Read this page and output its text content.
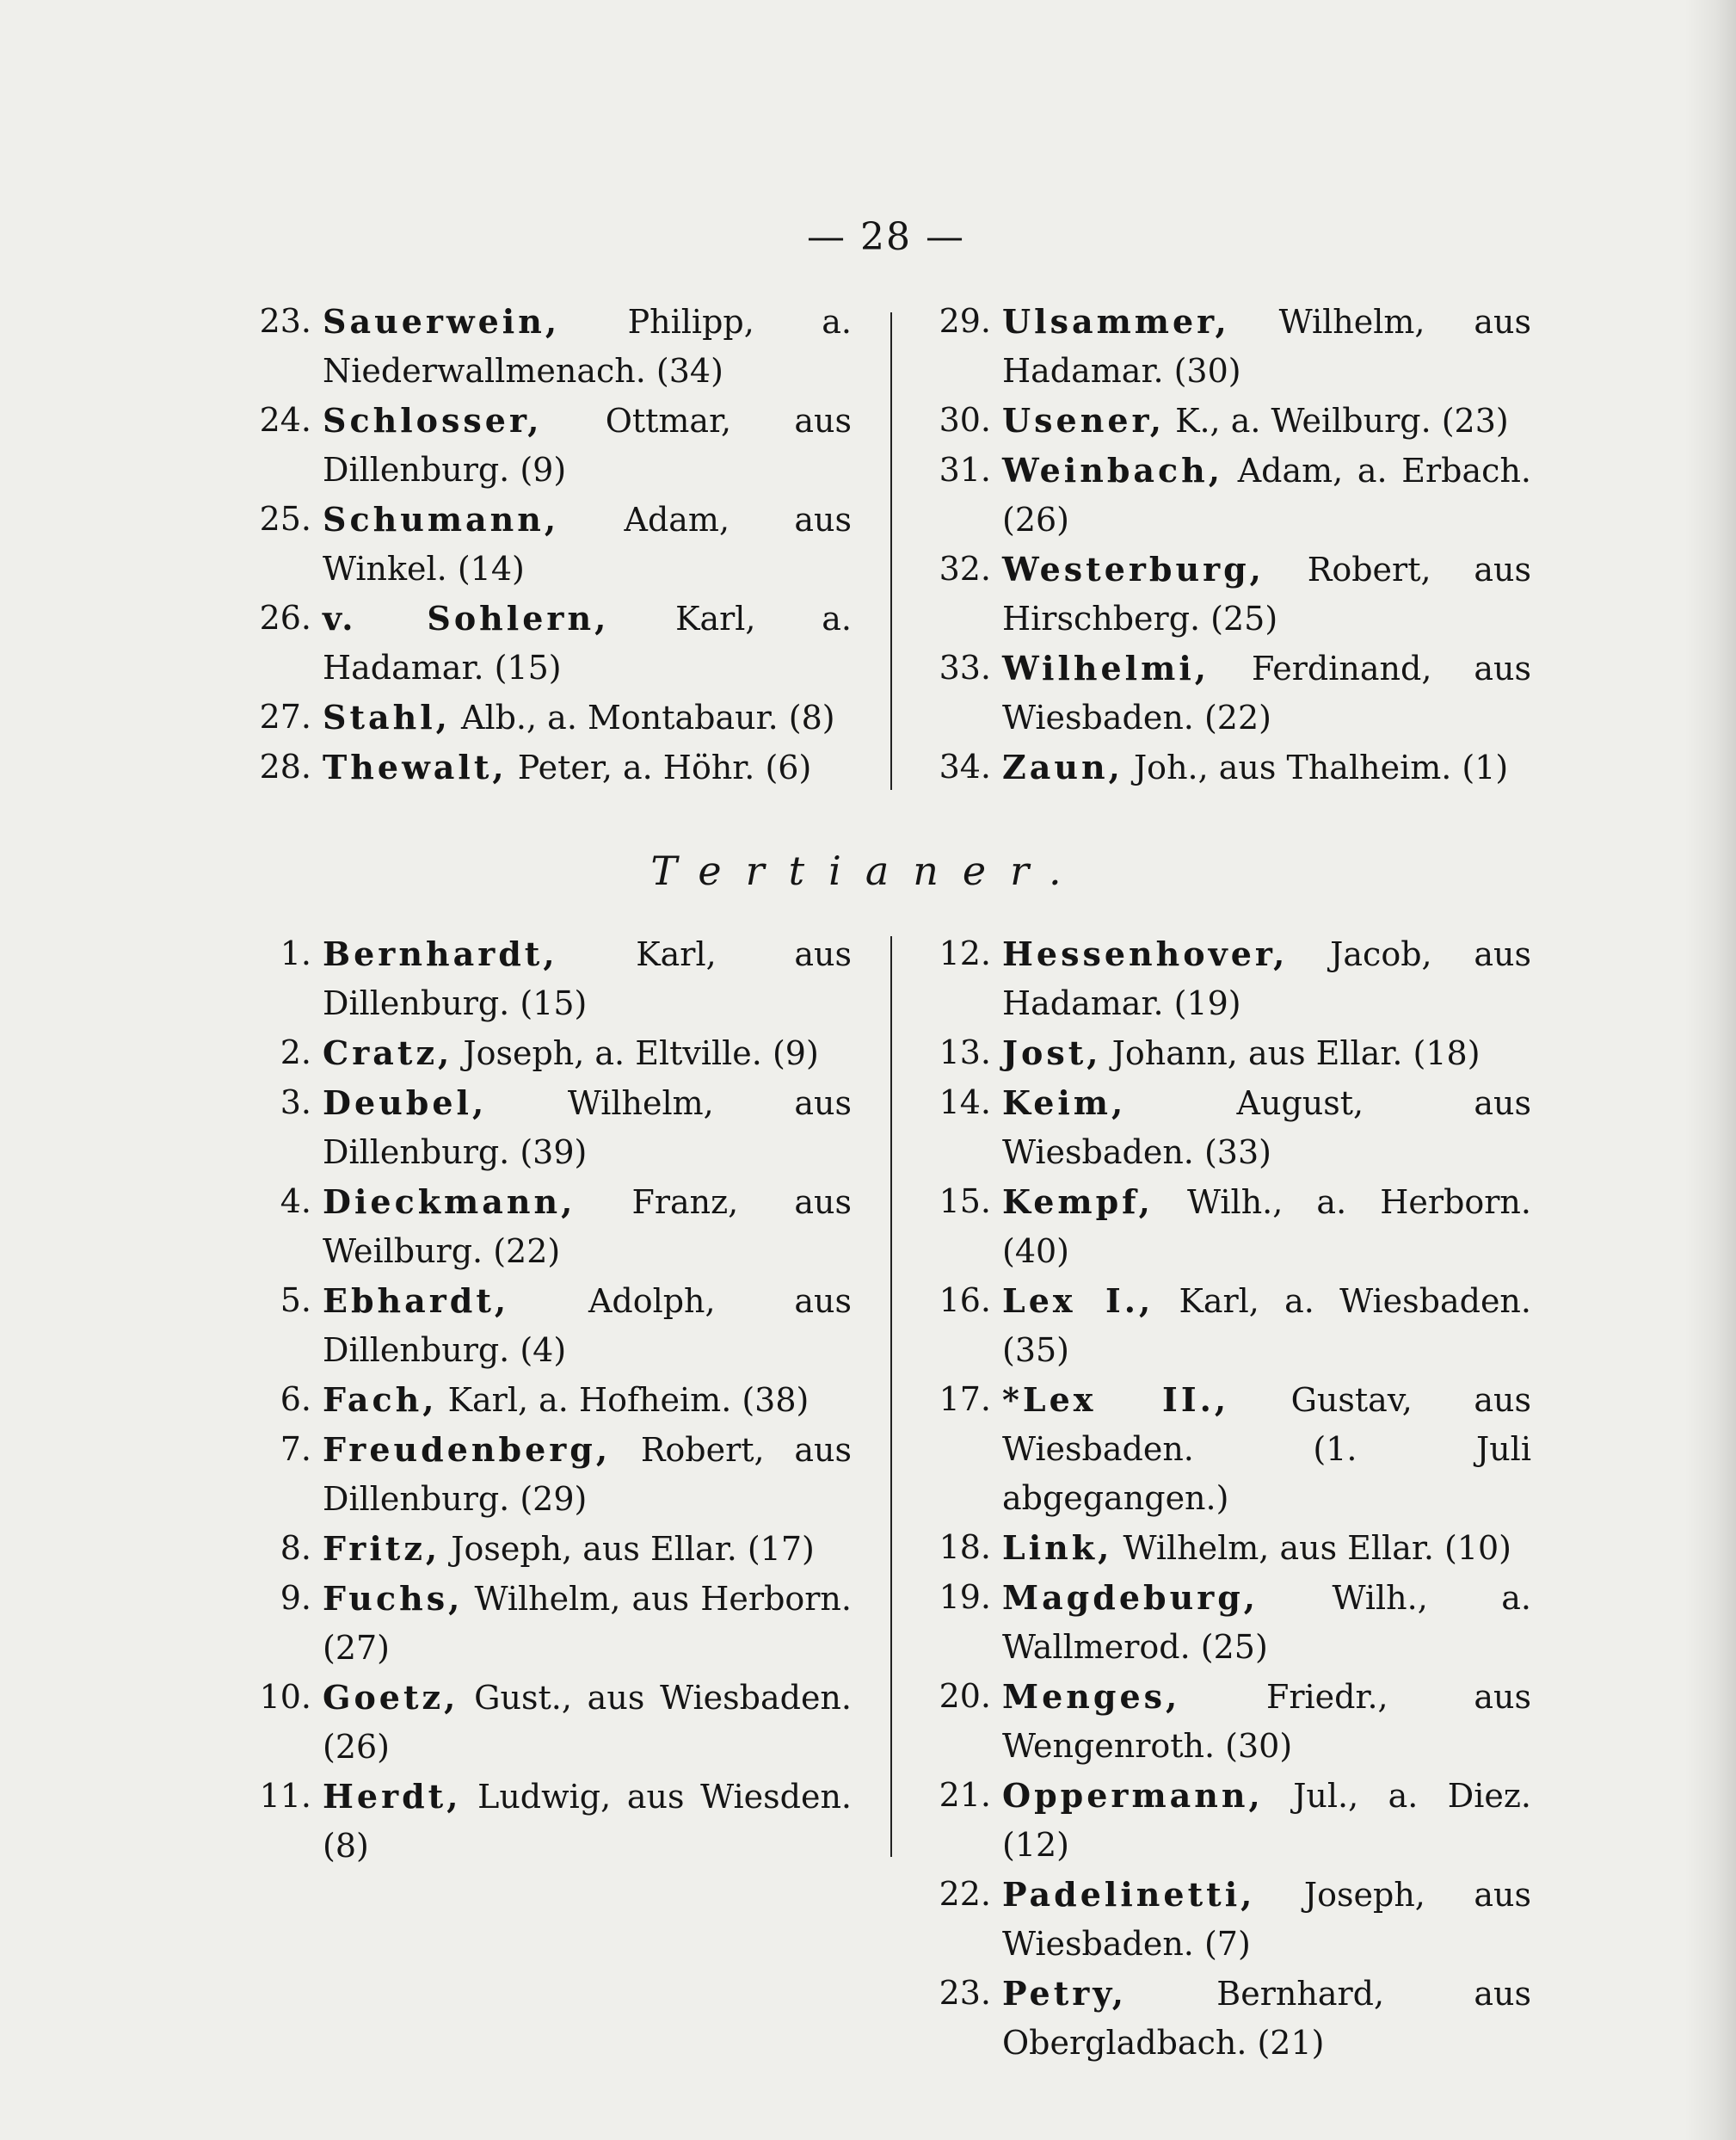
— 28 —
23. Sauerwein, Philipp, a. Niederwallmenach. (34)
24. Schlosser, Ottmar, aus Dillenburg. (9)
25. Schumann, Adam, aus Winkel. (14)
26. v. Sohlern, Karl, a. Hadamar. (15)
27. Stahl, Alb., a. Montabaur. (8)
28. Thewalt, Peter, a. Höhr. (6)
29. Ulsammer, Wilhelm, aus Hadamar. (30)
30. Usener, K., a. Weilburg. (23)
31. Weinbach, Adam, a. Erbach. (26)
32. Westerburg, Robert, aus Hirschberg. (25)
33. Wilhelmi, Ferdinand, aus Wiesbaden. (22)
34. Zaun, Joh., aus Thalheim. (1)
Tertianer.
1. Bernhardt, Karl, aus Dillenburg. (15)
2. Cratz, Joseph, a. Eltville. (9)
3. Deubel, Wilhelm, aus Dillenburg. (39)
4. Dieckmann, Franz, aus Weilburg. (22)
5. Ebhardt, Adolph, aus Dillenburg. (4)
6. Fach, Karl, a. Hofheim. (38)
7. Freudenberg, Robert, aus Dillenburg. (29)
8. Fritz, Joseph, aus Ellar. (17)
9. Fuchs, Wilhelm, aus Herborn. (27)
10. Goetz, Gust., aus Wiesbaden. (26)
11. Herdt, Ludwig, aus Wiesden. (8)
12. Hessenhover, Jacob, aus Hadamar. (19)
13. Jost, Johann, aus Ellar. (18)
14. Keim,	August, aus Wiesbaden. (33)
15. Kempf, Wilh., a. Herborn. (40)
16. Lex I., Karl, a. Wiesbaden. (35)
17. *Lex II., Gustav, aus Wiesbaden. (1. Juli abgegangen.)
18. Link, Wilhelm, aus Ellar. (10)
19. Magdeburg, Wilh., a. Wallmerod. (25)
20. Menges,	Friedr., aus Wengenroth. (30)
21. Oppermann, Jul., a. Diez. (12)
22. Padelinetti, Joseph, aus Wiesbaden. (7)
23. Petry,	Bernhard, aus Obergladbach. (21)
